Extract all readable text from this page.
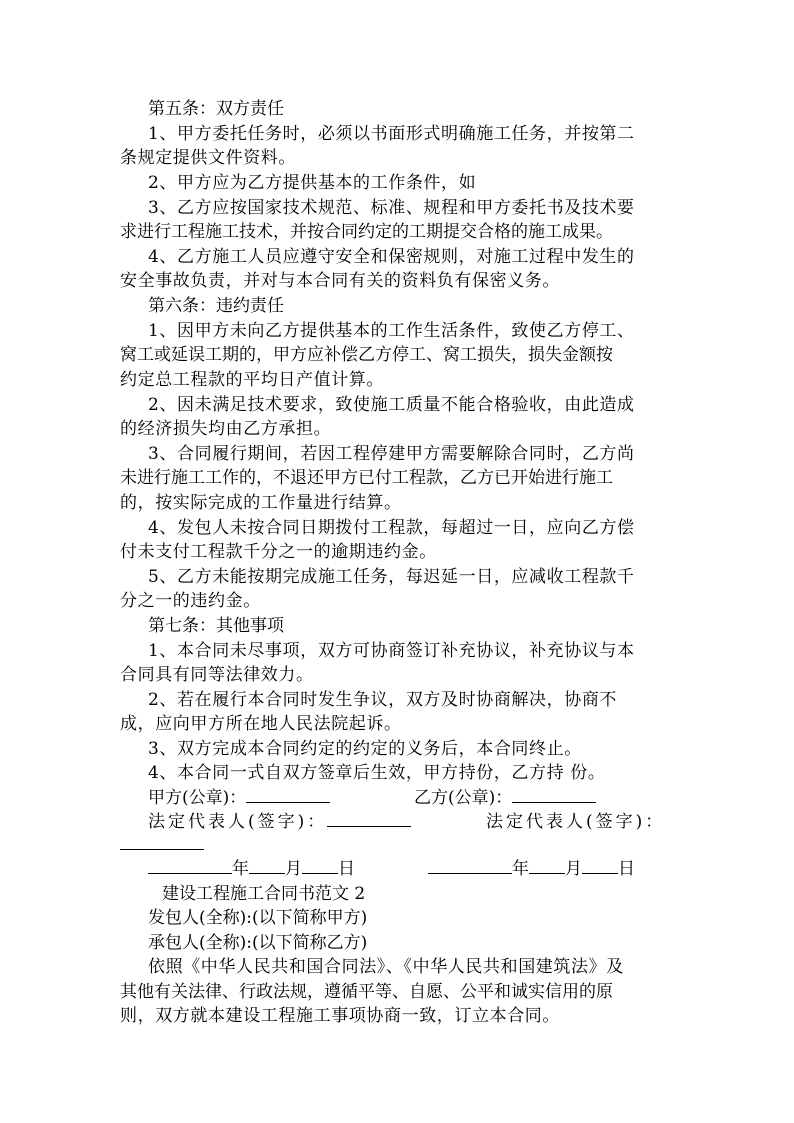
第五条：双方责任
1、甲方委托任务时，必须以书面形式明确施工任务，并按第二
条规定提供文件资料。
2、甲方应为乙方提供基本的工作条件，如
3、乙方应按国家技术规范、标准、规程和甲方委托书及技术要
求进行工程施工技术，并按合同约定的工期提交合格的施工成果。
4、乙方施工人员应遵守安全和保密规则，对施工过程中发生的
安全事故负责，并对与本合同有关的资料负有保密义务。
第六条：违约责任
1、因甲方未向乙方提供基本的工作生活条件，致使乙方停工、
窝工或延误工期的，甲方应补偿乙方停工、窝工损失，损失金额按
约定总工程款的平均日产值计算。
2、因未满足技术要求，致使施工质量不能合格验收，由此造成
的经济损失均由乙方承担。
3、合同履行期间，若因工程停建甲方需要解除合同时，乙方尚
未进行施工工作的，不退还甲方已付工程款，乙方已开始进行施工
的，按实际完成的工作量进行结算。
4、发包人未按合同日期拨付工程款，每超过一日，应向乙方偿
付未支付工程款千分之一的逾期违约金。
5、乙方未能按期完成施工任务，每迟延一日，应减收工程款千
分之一的违约金。
第七条：其他事项
1、本合同未尽事项，双方可协商签订补充协议，补充协议与本
合同具有同等法律效力。
2、若在履行本合同时发生争议，双方及时协商解决，协商不
成，应向甲方所在地人民法院起诉。
3、双方完成本合同约定的约定的义务后，本合同终止。
4、本合同一式自双方签章后生效，甲方持份，乙方持 份。
甲方(公章)：	乙方(公章)：
法定代表人(签字)：	法定代表人(签字)：
年 月 日	年 月 日
建设工程施工合同书范文 2
发包人(全称):(以下简称甲方)
承包人(全称):(以下简称乙方)
依照《中华人民共和国合同法》、《中华人民共和国建筑法》及
其他有关法律、行政法规，遵循平等、自愿、公平和诚实信用的原
则，双方就本建设工程施工事项协商一致，订立本合同。
